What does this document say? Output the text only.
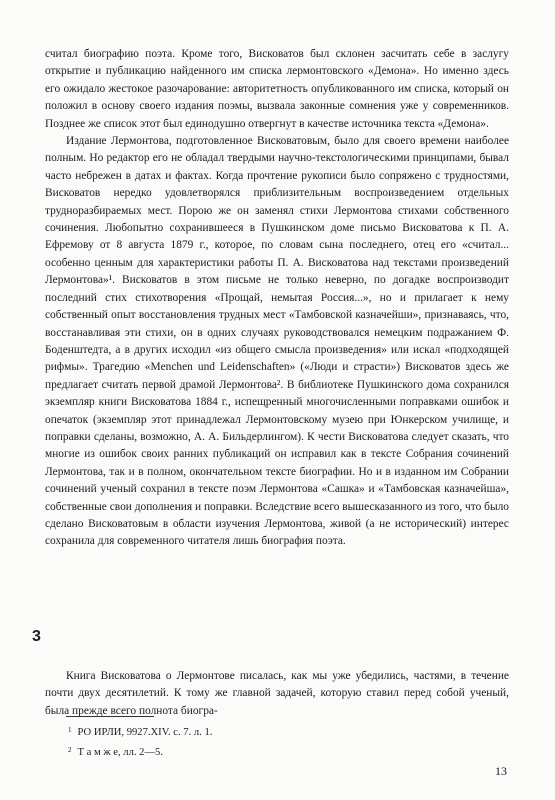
считал биографию поэта. Кроме того, Висковатов был склонен засчитать себе в заслугу открытие и публикацию найденного им списка лермонтовского «Демона». Но именно здесь его ожидало жестокое разочарование: авторитетность опубликованного им списка, который он положил в основу своего издания поэмы, вызвала законные сомнения уже у современников. Позднее же список этот был единодушно отвергнут в качестве источника текста «Демона».

Издание Лермонтова, подготовленное Висковатовым, было для своего времени наиболее полным. Но редактор его не обладал твердыми научно-текстологическими принципами, бывал часто небрежен в датах и фактах. Когда прочтение рукописи было сопряжено с трудностями, Висковатов нередко удовлетворялся приблизительным воспроизведением отдельных трудноразбираемых мест. Порою же он заменял стихи Лермонтова стихами собственного сочинения. Любопытно сохранившееся в Пушкинском доме письмо Висковатова к П. А. Ефремову от 8 августа 1879 г., которое, по словам сына последнего, отец его «считал... особенно ценным для характеристики работы П. А. Висковатова над текстами произведений Лермонтова»¹. Висковатов в этом письме не только неверно, по догадке воспроизводит последний стих стихотворения «Прощай, немытая Россия...», но и прилагает к нему собственный опыт восстановления трудных мест «Тамбовской казначейши», признаваясь, что, восстанавливая эти стихи, он в одних случаях руководствовался немецким подражанием Ф. Боденштедта, а в других исходил «из общего смысла произведения» или искал «подходящей рифмы». Трагедию «Menchen und Leidenschaften» («Люди и страсти») Висковатов здесь же предлагает считать первой драмой Лермонтова². В библиотеке Пушкинского дома сохранился экземпляр книги Висковатова 1884 г., испещренный многочисленными поправками ошибок и опечаток (экземпляр этот принадлежал Лермонтовскому музею при Юнкерском училище, и поправки сделаны, возможно, А. А. Бильдерлингом). К чести Висковатова следует сказать, что многие из ошибок своих ранних публикаций он исправил как в тексте Собрания сочинений Лермонтова, так и в полном, окончательном тексте биографии. Но и в изданном им Собрании сочинений ученый сохранил в тексте поэм Лермонтова «Сашка» и «Тамбовская казначейша», собственные свои дополнения и поправки. Вследствие всего вышесказанного из того, что было сделано Висковатовым в области изучения Лермонтова, живой (а не исторический) интерес сохранила для современного читателя лишь биография поэта.

3

Книга Висковатова о Лермонтове писалась, как мы уже убедились, частями, в течение почти двух десятилетий. К тому же главной задачей, которую ставил перед собой ученый, была прежде всего полнота биогра-

$^1$ РО ИРЛИ, 9927.XIV. с. 7. л. 1.
$^2$ Т а м ж е, лл. 2—5.
13
